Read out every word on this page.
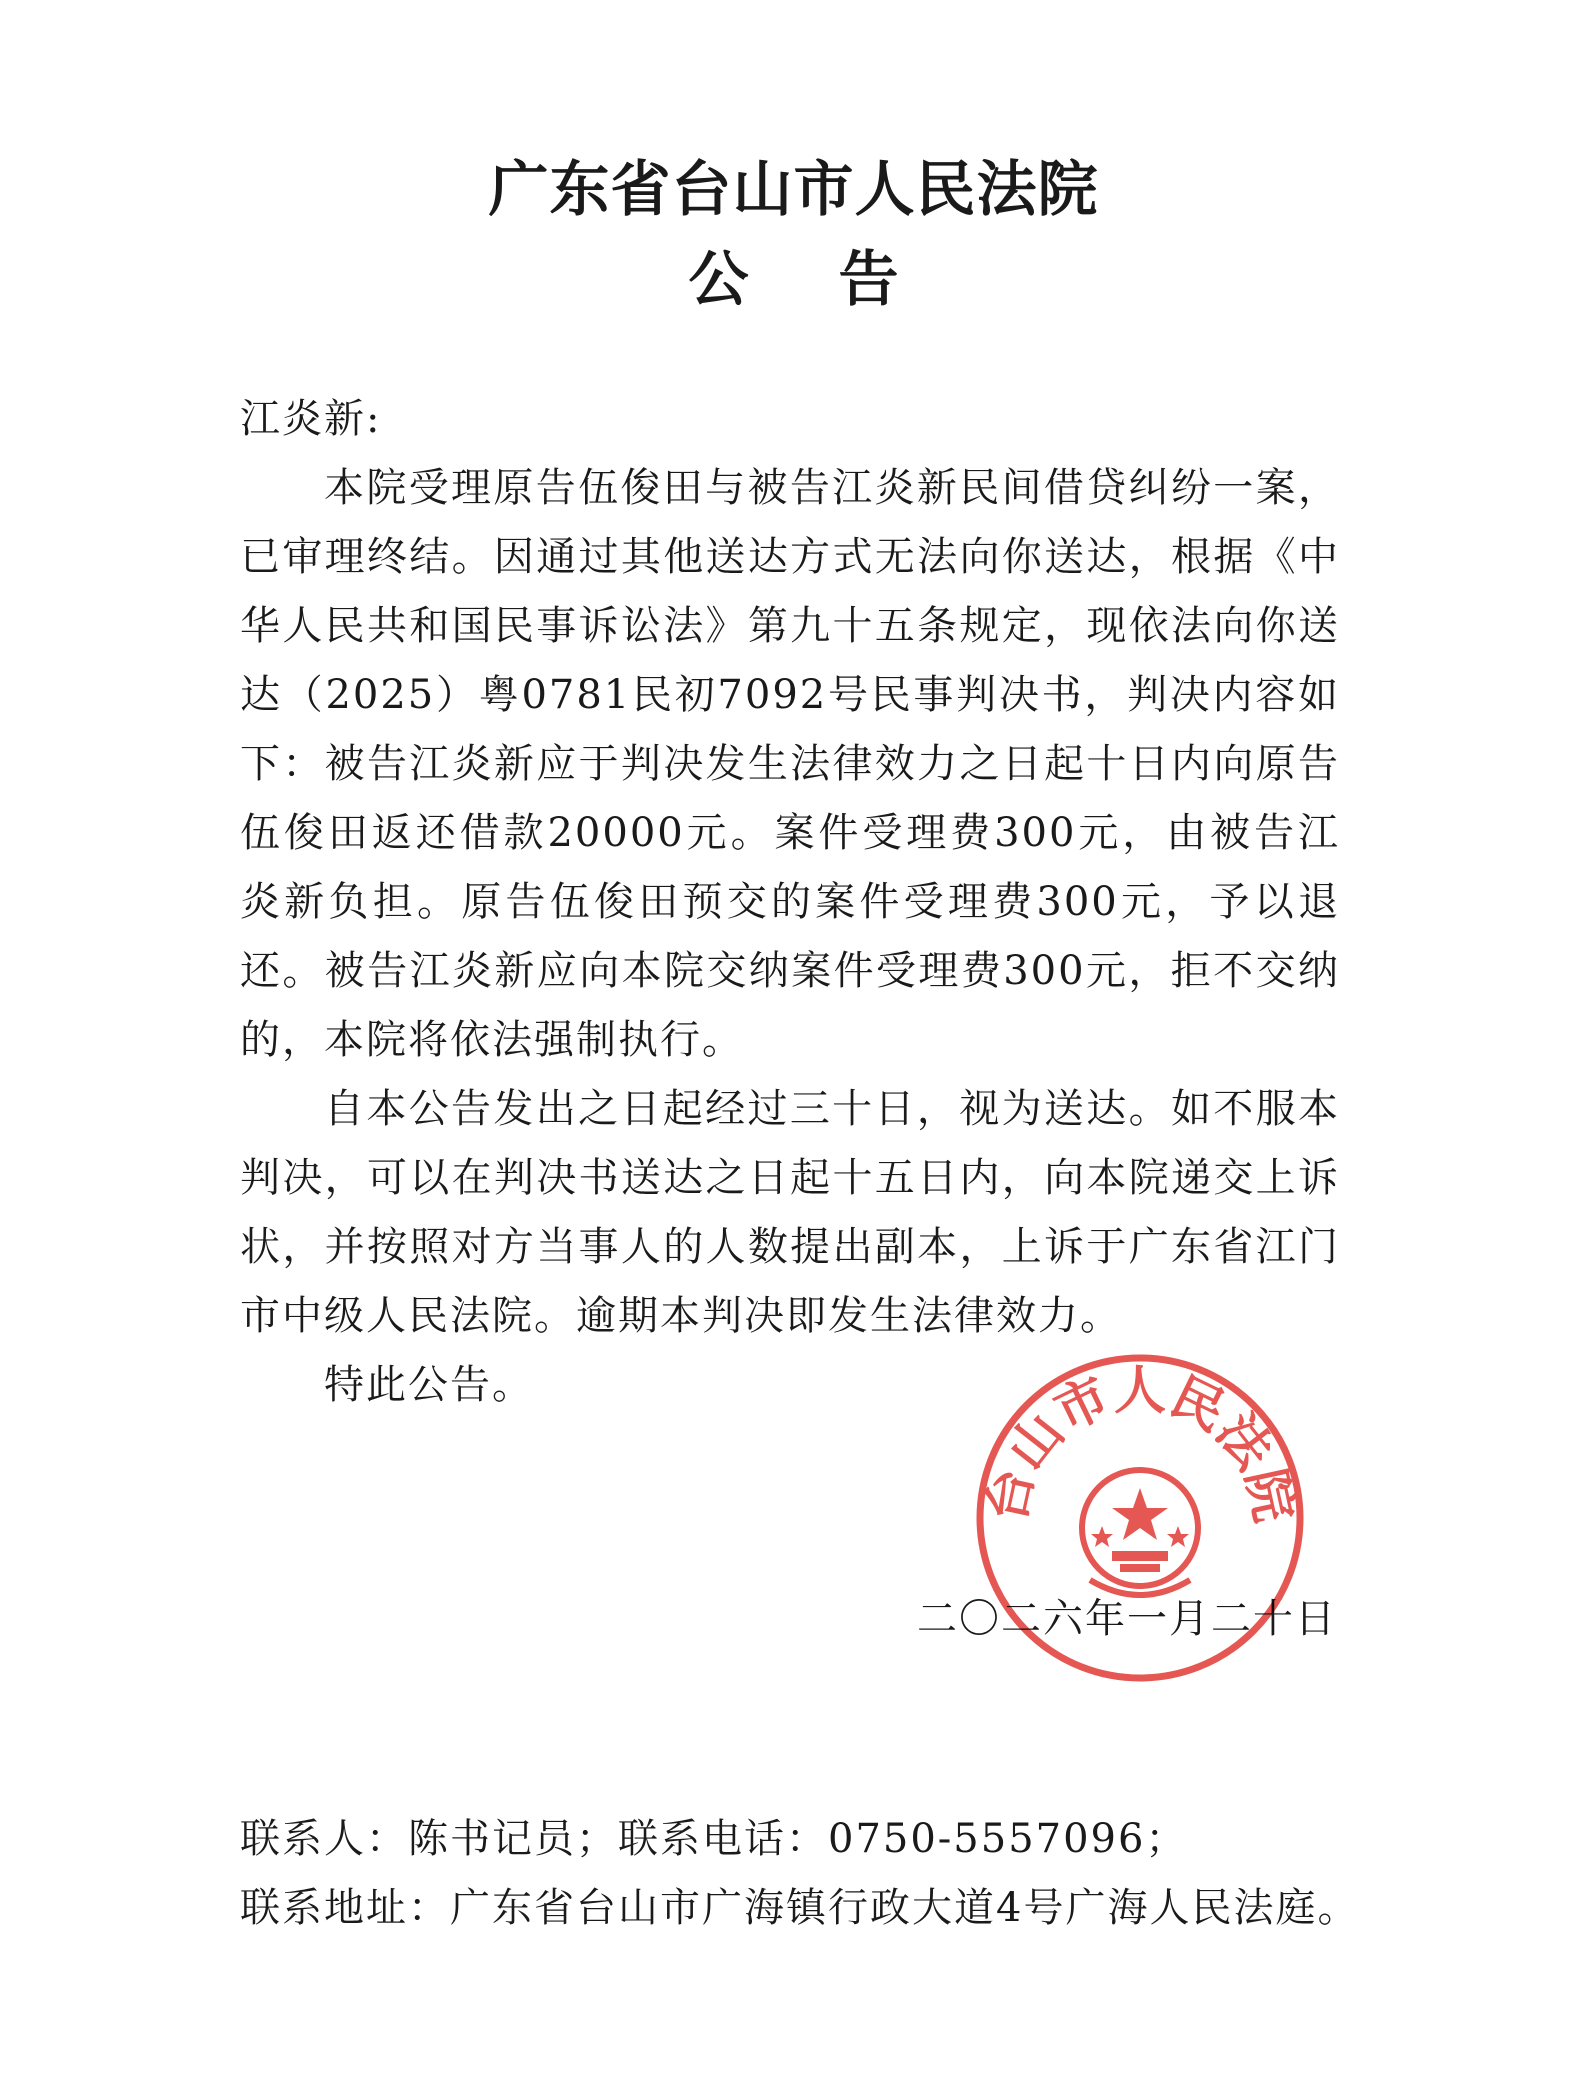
广东省台山市人民法院
公告
江炎新:

本院受理原告伍俊田与被告江炎新民间借贷纠纷一案，已审理终结。因通过其他送达方式无法向你送达，根据《中华人民共和国民事诉讼法》第九十五条规定，现依法向你送达（2025）粤0781民初7092号民事判决书，判决内容如下：被告江炎新应于判决发生法律效力之日起十日内向原告伍俊田返还借款20000元。案件受理费300元，由被告江炎新负担。原告伍俊田预交的案件受理费300元，予以退还。被告江炎新应向本院交纳案件受理费300元，拒不交纳的，本院将依法强制执行。

自本公告发出之日起经过三十日，视为送达。如不服本判决，可以在判决书送达之日起十五日内，向本院递交上诉状，并按照对方当事人的人数提出副本，上诉于广东省江门市中级人民法院。逾期本判决即发生法律效力。

特此公告。

二〇二六年一月二十日
台山市人民法院
联系人：陈书记员；联系电话：0750-5557096；
联系地址：广东省台山市广海镇行政大道4号广海人民法庭。
